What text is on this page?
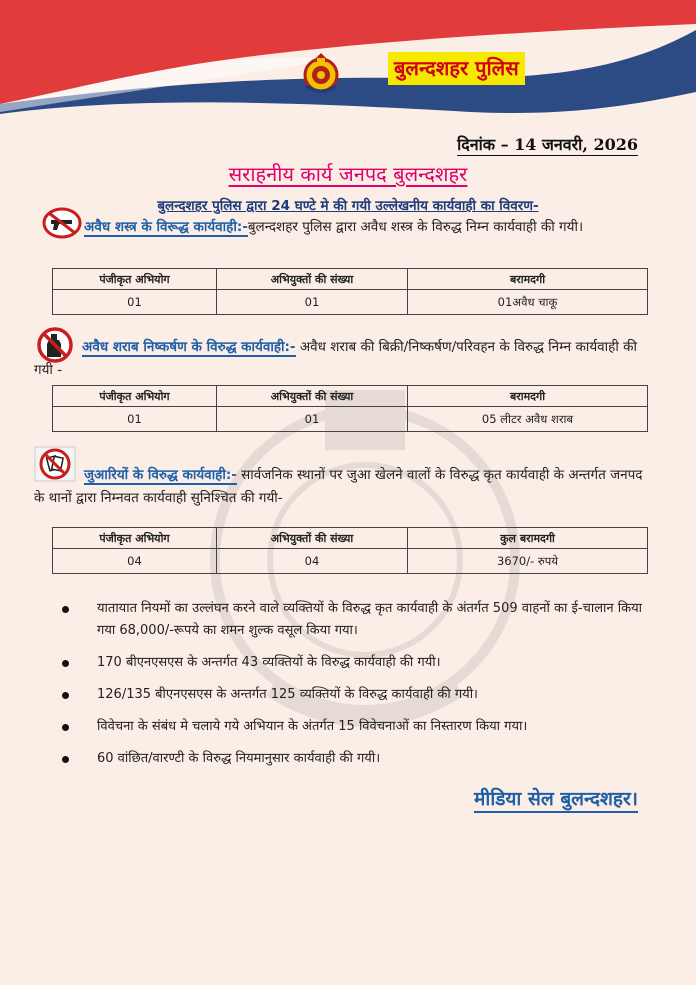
बुलन्दशहर पुलिस
दिनांक – 14 जनवरी, 2026
सराहनीय कार्य जनपद बुलन्दशहर
बुलन्दशहर पुलिस द्वारा 24 घण्टे मे की गयी उल्लेखनीय कार्यवाही का विवरण-
अवैध शस्त्र के विरूद्ध कार्यवाही:-बुलन्दशहर पुलिस द्वारा अवैध शस्त्र के विरुद्ध निम्न कार्यवाही की गयी।
पंजीकृत अभियोग	अभियुक्तों की संख्या	बरामदगी
01	01	01अवैध चाकू
अवैध शराब निष्कर्षण के विरुद्ध कार्यवाही:- अवैध शराब की बिक्री/निष्कर्षण/परिवहन के विरुद्ध निम्न कार्यवाही की गयी -
पंजीकृत अभियोग	अभियुक्तों की संख्या	बरामदगी
01	01	05 लीटर अवैध शराब
जुआरियों के विरुद्ध कार्यवाही:- सार्वजनिक स्थानों पर जुआ खेलने वालों के विरुद्ध कृत कार्यवाही के अन्तर्गत जनपद के थानों द्वारा निम्नवत कार्यवाही सुनिश्चित की गयी-
पंजीकृत अभियोग	अभियुक्तों की संख्या	कुल बरामदगी
04	04	3670/- रुपये
यातायात नियमों का उल्लंघन करने वाले व्यक्तियों के विरुद्ध कृत कार्यवाही के अंतर्गत 509 वाहनों का ई-चालान किया गया 68,000/-रूपये का शमन शुल्क वसूल किया गया।
170 बीएनएसएस के अन्तर्गत 43 व्यक्तियों के विरुद्ध कार्यवाही की गयी।
126/135 बीएनएसएस के अन्तर्गत 125 व्यक्तियों के विरुद्ध कार्यवाही की गयी।
विवेचना के संबंध मे चलाये गये अभियान के अंतर्गत 15 विवेचनाओं का निस्तारण किया गया।
60 वांछित/वारण्टी के विरुद्ध नियमानुसार कार्यवाही की गयी।
मीडिया सेल बुलन्दशहर।
